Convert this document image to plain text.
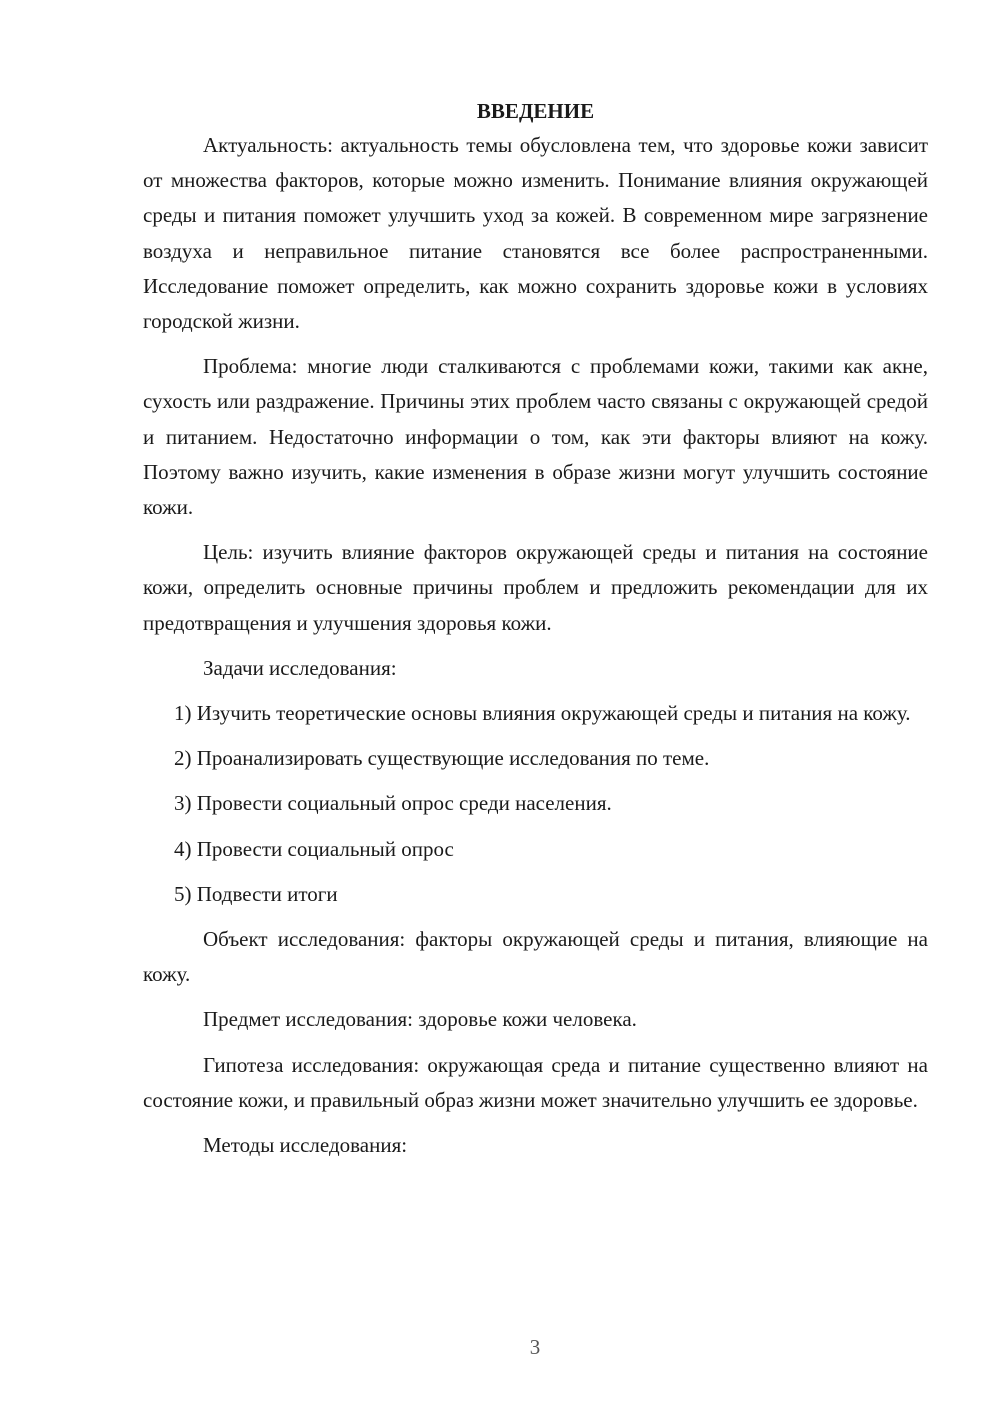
ВВЕДЕНИЕ

Актуальность: актуальность темы обусловлена тем, что здоровье кожи зависит от множества факторов, которые можно изменить. Понимание влияния окружающей среды и питания поможет улучшить уход за кожей. В современном мире загрязнение воздуха и неправильное питание становятся все более распространенными. Исследование поможет определить, как можно сохранить здоровье кожи в условиях городской жизни.

Проблема: многие люди сталкиваются с проблемами кожи, такими как акне, сухость или раздражение. Причины этих проблем часто связаны с окружающей средой и питанием. Недостаточно информации о том, как эти факторы влияют на кожу. Поэтому важно изучить, какие изменения в образе жизни могут улучшить состояние кожи.

Цель: изучить влияние факторов окружающей среды и питания на состояние кожи, определить основные причины проблем и предложить рекомендации для их предотвращения и улучшения здоровья кожи.

Задачи исследования:

1) Изучить теоретические основы влияния окружающей среды и питания на кожу.

2) Проанализировать существующие исследования по теме.

3) Провести социальный опрос среди населения.

4) Провести социальный опрос

5) Подвести итоги

Объект исследования: факторы окружающей среды и питания, влияющие на кожу.

Предмет исследования: здоровье кожи человека.

Гипотеза исследования: окружающая среда и питание существенно влияют на состояние кожи, и правильный образ жизни может значительно улучшить ее здоровье.

Методы исследования:

3
